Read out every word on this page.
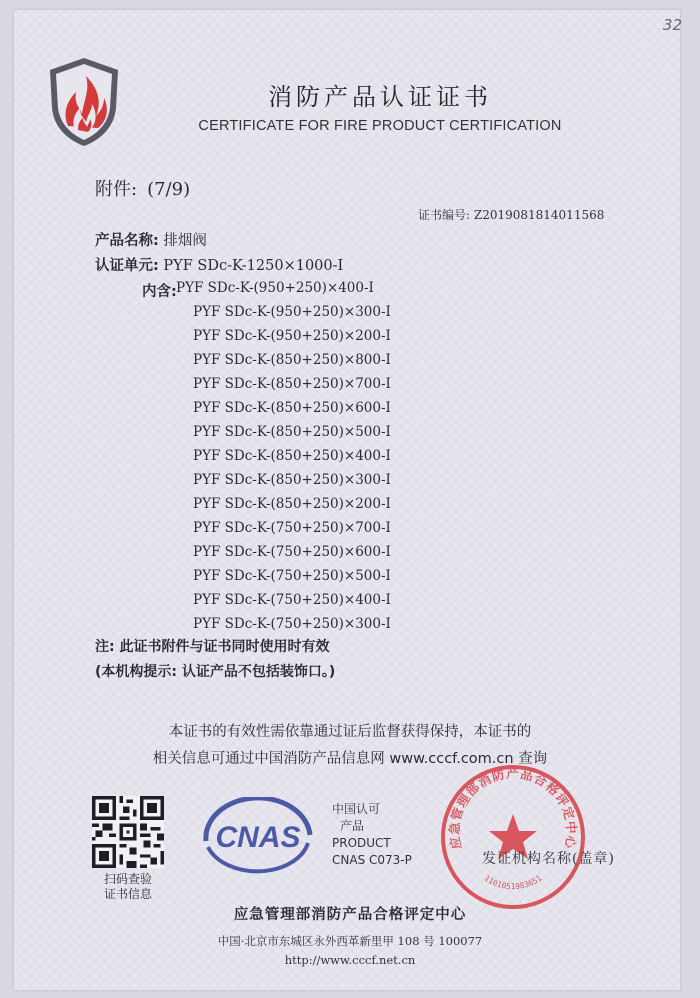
32
消防产品认证证书
CERTIFICATE FOR FIRE PRODUCT CERTIFICATION
附件: (7/9)
证书编号: Z2019081814011568
产品名称: 排烟阀
认证单元: PYF SDc-K-1250×1000-I
内含: PYF SDc-K-(950+250)×400-I
PYF SDc-K-(950+250)×300-I
PYF SDc-K-(950+250)×200-I
PYF SDc-K-(850+250)×800-I
PYF SDc-K-(850+250)×700-I
PYF SDc-K-(850+250)×600-I
PYF SDc-K-(850+250)×500-I
PYF SDc-K-(850+250)×400-I
PYF SDc-K-(850+250)×300-I
PYF SDc-K-(850+250)×200-I
PYF SDc-K-(750+250)×700-I
PYF SDc-K-(750+250)×600-I
PYF SDc-K-(750+250)×500-I
PYF SDc-K-(750+250)×400-I
PYF SDc-K-(750+250)×300-I
注: 此证书附件与证书同时使用时有效
(本机构提示: 认证产品不包括装饰口。)
本证书的有效性需依靠通过证后监督获得保持，本证书的
相关信息可通过中国消防产品信息网 www.cccf.com.cn 查询
扫码查验
证书信息
CNAS
中国认可
产品
PRODUCT
CNAS C073-P
应急管理部消防产品合格评定中心
1101051983651
发证机构名称(盖章)
应急管理部消防产品合格评定中心
中国·北京市东城区永外西革新里甲 108 号 100077
http://www.cccf.net.cn
